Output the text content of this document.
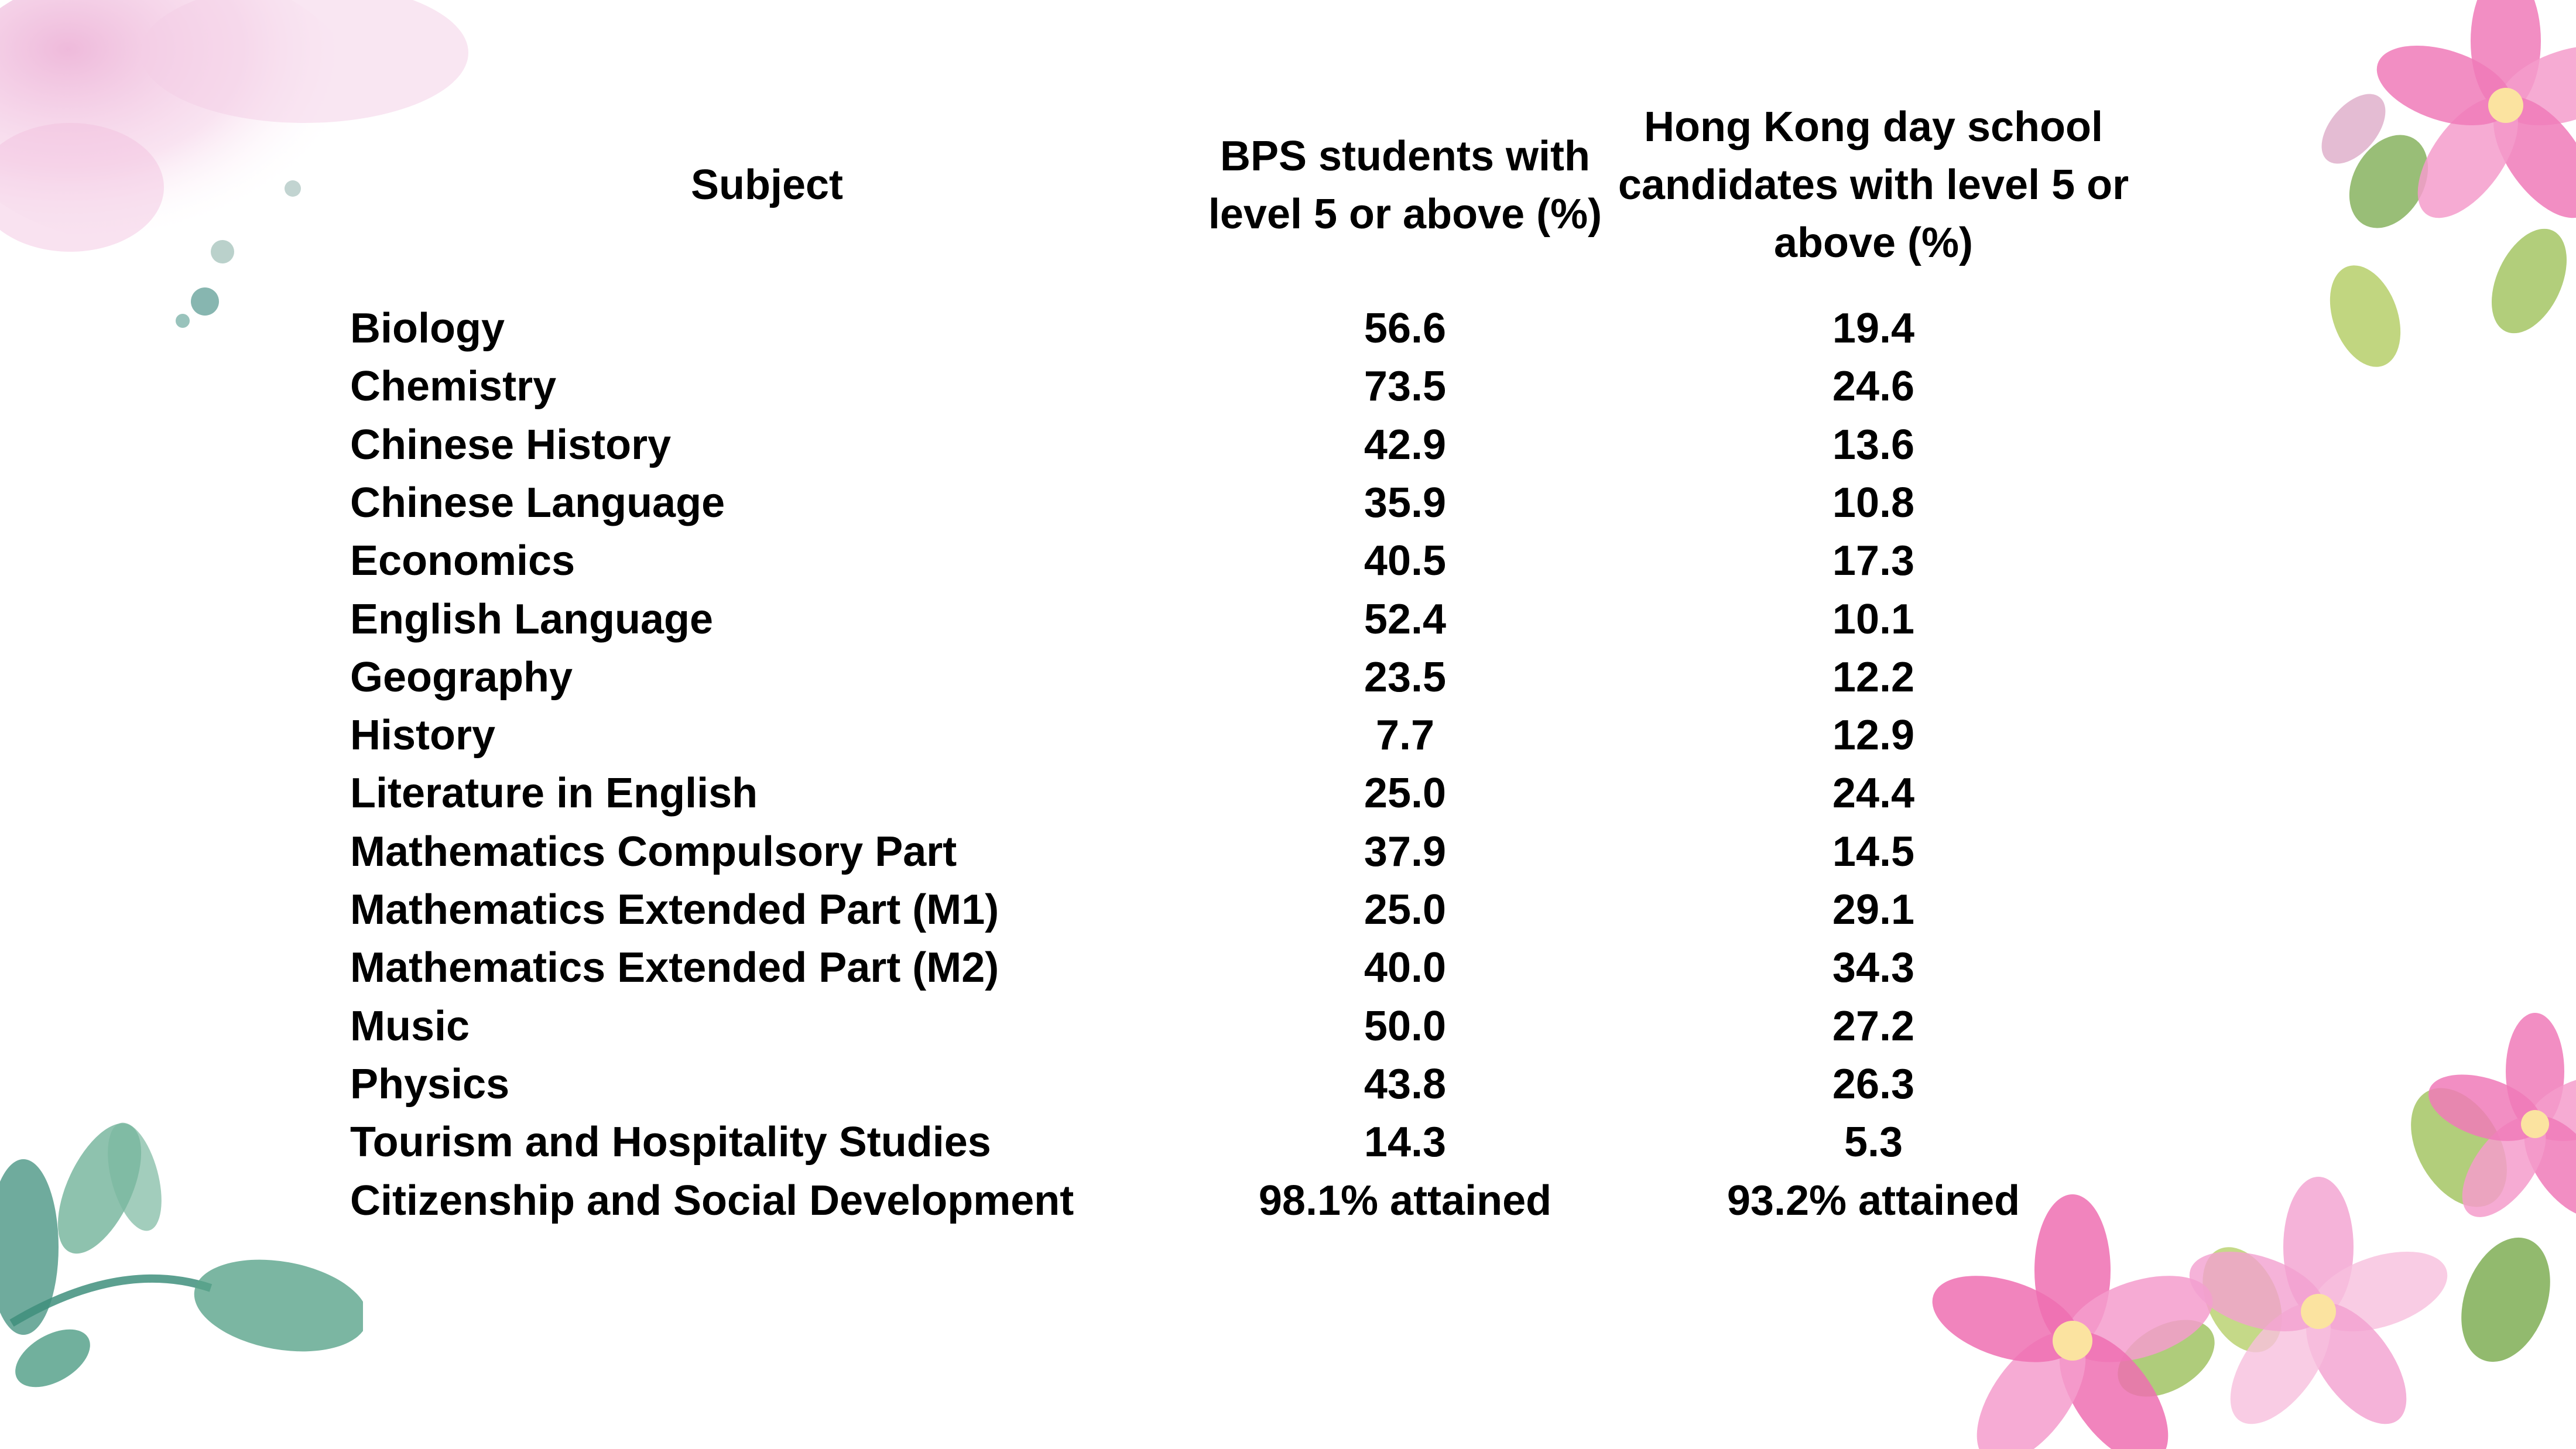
Subject
BPS students with level 5 or above (%)
Hong Kong day school candidates with level 5 or above (%)
Biology	56.6	19.4
Chemistry	73.5	24.6
Chinese History	42.9	13.6
Chinese Language	35.9	10.8
Economics	40.5	17.3
English Language	52.4	10.1
Geography	23.5	12.2
History	7.7	12.9
Literature in English	25.0	24.4
Mathematics Compulsory Part	37.9	14.5
Mathematics Extended Part (M1)	25.0	29.1
Mathematics Extended Part (M2)	40.0	34.3
Music	50.0	27.2
Physics	43.8	26.3
Tourism and Hospitality Studies	14.3	5.3
Citizenship and Social Development	98.1% attained	93.2% attained
